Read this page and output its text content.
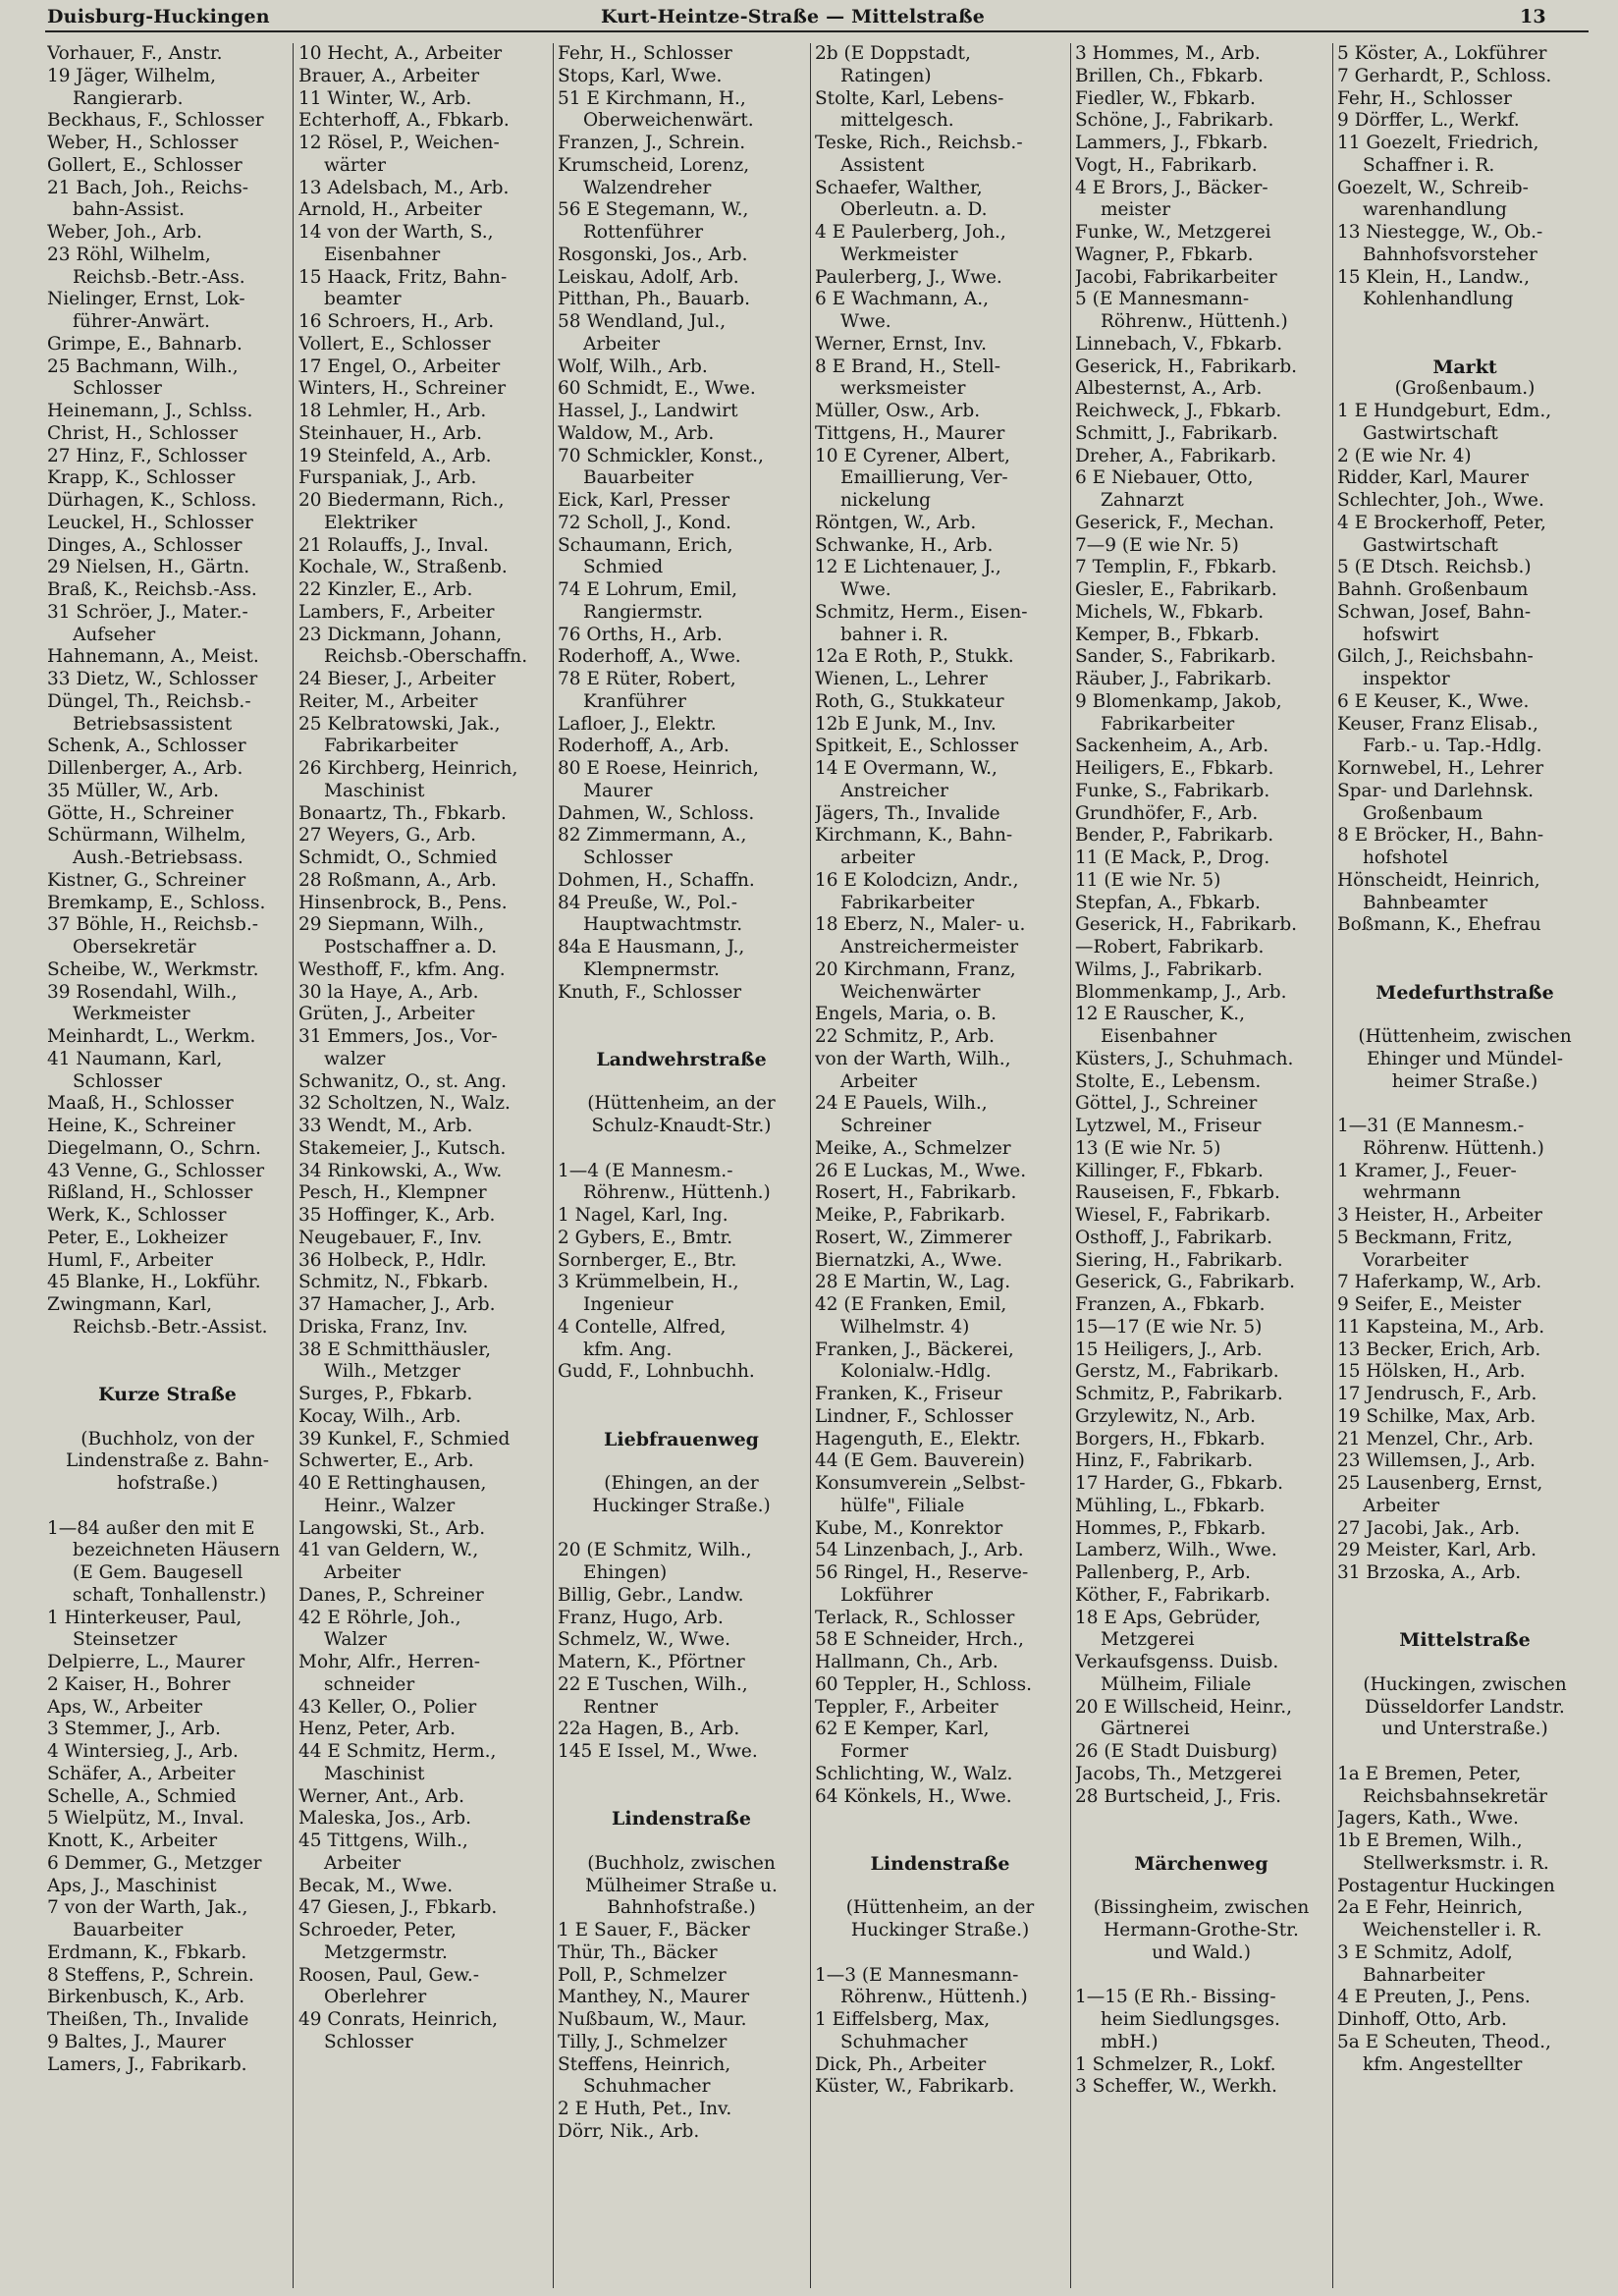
Duisburg-Huckingen	Kurt-Heintze-Straße — Mittelstraße	13
Vorhauer, F., Anstr.
19 Jäger, Wilhelm,
Rangierarb.
Beckhaus, F., Schlosser
Weber, H., Schlosser
Gollert, E., Schlosser
21 Bach, Joh., Reichs-
bahn-Assist.
Weber, Joh., Arb.
23 Röhl, Wilhelm,
Reichsb.-Betr.-Ass.
Nielinger, Ernst, Lok-
führer-Anwärt.
Grimpe, E., Bahnarb.
25 Bachmann, Wilh.,
Schlosser
Heinemann, J., Schlss.
Christ, H., Schlosser
27 Hinz, F., Schlosser
Krapp, K., Schlosser
Dürhagen, K., Schloss.
Leuckel, H., Schlosser
Dinges, A., Schlosser
29 Nielsen, H., Gärtn.
Braß, K., Reichsb.-Ass.
31 Schröer, J., Mater.-
Aufseher
Hahnemann, A., Meist.
33 Dietz, W., Schlosser
Düngel, Th., Reichsb.-
Betriebsassistent
Schenk, A., Schlosser
Dillenberger, A., Arb.
35 Müller, W., Arb.
Götte, H., Schreiner
Schürmann, Wilhelm,
Aush.-Betriebsass.
Kistner, G., Schreiner
Bremkamp, E., Schloss.
37 Böhle, H., Reichsb.-
Obersekretär
Scheibe, W., Werkmstr.
39 Rosendahl, Wilh.,
Werkmeister
Meinhardt, L., Werkm.
41 Naumann, Karl,
Schlosser
Maaß, H., Schlosser
Heine, K., Schreiner
Diegelmann, O., Schrn.
43 Venne, G., Schlosser
Rißland, H., Schlosser
Werk, K., Schlosser
Peter, E., Lokheizer
Huml, F., Arbeiter
45 Blanke, H., Lokführ.
Zwingmann, Karl,
Reichsb.-Betr.-Assist.
Kurze Straße
(Buchholz, von der
Lindenstraße z. Bahn-
hofstraße.)
1—84 außer den mit E
bezeichneten Häusern
(E Gem. Baugesell
schaft, Tonhallenstr.)
1 Hinterkeuser, Paul,
Steinsetzer
Delpierre, L., Maurer
2 Kaiser, H., Bohrer
Aps, W., Arbeiter
3 Stemmer, J., Arb.
4 Wintersieg, J., Arb.
Schäfer, A., Arbeiter
Schelle, A., Schmied
5 Wielpütz, M., Inval.
Knott, K., Arbeiter
6 Demmer, G., Metzger
Aps, J., Maschinist
7 von der Warth, Jak.,
Bauarbeiter
Erdmann, K., Fbkarb.
8 Steffens, P., Schrein.
Birkenbusch, K., Arb.
Theißen, Th., Invalide
9 Baltes, J., Maurer
Lamers, J., Fabrikarb.
10 Hecht, A., Arbeiter
Brauer, A., Arbeiter
11 Winter, W., Arb.
Echterhoff, A., Fbkarb.
12 Rösel, P., Weichen-
wärter
13 Adelsbach, M., Arb.
Arnold, H., Arbeiter
14 von der Warth, S.,
Eisenbahner
15 Haack, Fritz, Bahn-
beamter
16 Schroers, H., Arb.
Vollert, E., Schlosser
17 Engel, O., Arbeiter
Winters, H., Schreiner
18 Lehmler, H., Arb.
Steinhauer, H., Arb.
19 Steinfeld, A., Arb.
Furspaniak, J., Arb.
20 Biedermann, Rich.,
Elektriker
21 Rolauffs, J., Inval.
Kochale, W., Straßenb.
22 Kinzler, E., Arb.
Lambers, F., Arbeiter
23 Dickmann, Johann,
Reichsb.-Oberschaffn.
24 Bieser, J., Arbeiter
Reiter, M., Arbeiter
25 Kelbratowski, Jak.,
Fabrikarbeiter
26 Kirchberg, Heinrich,
Maschinist
Bonaartz, Th., Fbkarb.
27 Weyers, G., Arb.
Schmidt, O., Schmied
28 Roßmann, A., Arb.
Hinsenbrock, B., Pens.
29 Siepmann, Wilh.,
Postschaffner a. D.
Westhoff, F., kfm. Ang.
30 la Haye, A., Arb.
Grüten, J., Arbeiter
31 Emmers, Jos., Vor-
walzer
Schwanitz, O., st. Ang.
32 Scholtzen, N., Walz.
33 Wendt, M., Arb.
Stakemeier, J., Kutsch.
34 Rinkowski, A., Ww.
Pesch, H., Klempner
35 Hoffinger, K., Arb.
Neugebauer, F., Inv.
36 Holbeck, P., Hdlr.
Schmitz, N., Fbkarb.
37 Hamacher, J., Arb.
Driska, Franz, Inv.
38 E Schmitthäusler,
Wilh., Metzger
Surges, P., Fbkarb.
Kocay, Wilh., Arb.
39 Kunkel, F., Schmied
Schwerter, E., Arb.
40 E Rettinghausen,
Heinr., Walzer
Langowski, St., Arb.
41 van Geldern, W.,
Arbeiter
Danes, P., Schreiner
42 E Röhrle, Joh.,
Walzer
Mohr, Alfr., Herren-
schneider
43 Keller, O., Polier
Henz, Peter, Arb.
44 E Schmitz, Herm.,
Maschinist
Werner, Ant., Arb.
Maleska, Jos., Arb.
45 Tittgens, Wilh.,
Arbeiter
Becak, M., Wwe.
47 Giesen, J., Fbkarb.
Schroeder, Peter,
Metzgermstr.
Roosen, Paul, Gew.-
Oberlehrer
49 Conrats, Heinrich,
Schlosser
Fehr, H., Schlosser
Stops, Karl, Wwe.
51 E Kirchmann, H.,
Oberweichenwärt.
Franzen, J., Schrein.
Krumscheid, Lorenz,
Walzendreher
56 E Stegemann, W.,
Rottenführer
Rosgonski, Jos., Arb.
Leiskau, Adolf, Arb.
Pitthan, Ph., Bauarb.
58 Wendland, Jul.,
Arbeiter
Wolf, Wilh., Arb.
60 Schmidt, E., Wwe.
Hassel, J., Landwirt
Waldow, M., Arb.
70 Schmickler, Konst.,
Bauarbeiter
Eick, Karl, Presser
72 Scholl, J., Kond.
Schaumann, Erich,
Schmied
74 E Lohrum, Emil,
Rangiermstr.
76 Orths, H., Arb.
Roderhoff, A., Wwe.
78 E Rüter, Robert,
Kranführer
Lafloer, J., Elektr.
Roderhoff, A., Arb.
80 E Roese, Heinrich,
Maurer
Dahmen, W., Schloss.
82 Zimmermann, A.,
Schlosser
Dohmen, H., Schaffn.
84 Preuße, W., Pol.-
Hauptwachtmstr.
84a E Hausmann, J.,
Klempnermstr.
Knuth, F., Schlosser
Landwehrstraße
(Hüttenheim, an der
Schulz-Knaudt-Str.)
1—4 (E Mannesm.-
Röhrenw., Hüttenh.)
1 Nagel, Karl, Ing.
2 Gybers, E., Bmtr.
Sornberger, E., Btr.
3 Krümmelbein, H.,
Ingenieur
4 Contelle, Alfred,
kfm. Ang.
Gudd, F., Lohnbuchh.
Liebfrauenweg
(Ehingen, an der
Huckinger Straße.)
20 (E Schmitz, Wilh.,
Ehingen)
Billig, Gebr., Landw.
Franz, Hugo, Arb.
Schmelz, W., Wwe.
Matern, K., Pförtner
22 E Tuschen, Wilh.,
Rentner
22a Hagen, B., Arb.
145 E Issel, M., Wwe.
Lindenstraße
(Buchholz, zwischen
Mülheimer Straße u.
Bahnhofstraße.)
1 E Sauer, F., Bäcker
Thür, Th., Bäcker
Poll, P., Schmelzer
Manthey, N., Maurer
Nußbaum, W., Maur.
Tilly, J., Schmelzer
Steffens, Heinrich,
Schuhmacher
2 E Huth, Pet., Inv.
Dörr, Nik., Arb.
2b (E Doppstadt,
Ratingen)
Stolte, Karl, Lebens-
mittelgesch.
Teske, Rich., Reichsb.-
Assistent
Schaefer, Walther,
Oberleutn. a. D.
4 E Paulerberg, Joh.,
Werkmeister
Paulerberg, J., Wwe.
6 E Wachmann, A.,
Wwe.
Werner, Ernst, Inv.
8 E Brand, H., Stell-
werksmeister
Müller, Osw., Arb.
Tittgens, H., Maurer
10 E Cyrener, Albert,
Emaillierung, Ver-
nickelung
Röntgen, W., Arb.
Schwanke, H., Arb.
12 E Lichtenauer, J.,
Wwe.
Schmitz, Herm., Eisen-
bahner i. R.
12a E Roth, P., Stukk.
Wienen, L., Lehrer
Roth, G., Stukkateur
12b E Junk, M., Inv.
Spitkeit, E., Schlosser
14 E Overmann, W.,
Anstreicher
Jägers, Th., Invalide
Kirchmann, K., Bahn-
arbeiter
16 E Kolodcizn, Andr.,
Fabrikarbeiter
18 Eberz, N., Maler- u.
Anstreichermeister
20 Kirchmann, Franz,
Weichenwärter
Engels, Maria, o. B.
22 Schmitz, P., Arb.
von der Warth, Wilh.,
Arbeiter
24 E Pauels, Wilh.,
Schreiner
Meike, A., Schmelzer
26 E Luckas, M., Wwe.
Rosert, H., Fabrikarb.
Meike, P., Fabrikarb.
Rosert, W., Zimmerer
Biernatzki, A., Wwe.
28 E Martin, W., Lag.
42 (E Franken, Emil,
Wilhelmstr. 4)
Franken, J., Bäckerei,
Kolonialw.-Hdlg.
Franken, K., Friseur
Lindner, F., Schlosser
Hagenguth, E., Elektr.
44 (E Gem. Bauverein)
Konsumverein „Selbst-
hülfe", Filiale
Kube, M., Konrektor
54 Linzenbach, J., Arb.
56 Ringel, H., Reserve-
Lokführer
Terlack, R., Schlosser
58 E Schneider, Hrch.,
Hallmann, Ch., Arb.
60 Teppler, H., Schloss.
Teppler, F., Arbeiter
62 E Kemper, Karl,
Former
Schlichting, W., Walz.
64 Könkels, H., Wwe.
Lindenstraße
(Hüttenheim, an der
Huckinger Straße.)
1—3 (E Mannesmann-
Röhrenw., Hüttenh.)
1 Eiffelsberg, Max,
Schuhmacher
Dick, Ph., Arbeiter
Küster, W., Fabrikarb.
3 Hommes, M., Arb.
Brillen, Ch., Fbkarb.
Fiedler, W., Fbkarb.
Schöne, J., Fabrikarb.
Lammers, J., Fbkarb.
Vogt, H., Fabrikarb.
4 E Brors, J., Bäcker-
meister
Funke, W., Metzgerei
Wagner, P., Fbkarb.
Jacobi, Fabrikarbeiter
5 (E Mannesmann-
Röhrenw., Hüttenh.)
Linnebach, V., Fbkarb.
Geserick, H., Fabrikarb.
Albesternst, A., Arb.
Reichweck, J., Fbkarb.
Schmitt, J., Fabrikarb.
Dreher, A., Fabrikarb.
6 E Niebauer, Otto,
Zahnarzt
Geserick, F., Mechan.
7—9 (E wie Nr. 5)
7 Templin, F., Fbkarb.
Giesler, E., Fabrikarb.
Michels, W., Fbkarb.
Kemper, B., Fbkarb.
Sander, S., Fabrikarb.
Räuber, J., Fabrikarb.
9 Blomenkamp, Jakob,
Fabrikarbeiter
Sackenheim, A., Arb.
Heiligers, E., Fbkarb.
Funke, S., Fabrikarb.
Grundhöfer, F., Arb.
Bender, P., Fabrikarb.
11 (E Mack, P., Drog.
11 (E wie Nr. 5)
Stepfan, A., Fbkarb.
Geserick, H., Fabrikarb.
—Robert, Fabrikarb.
Wilms, J., Fabrikarb.
Blommenkamp, J., Arb.
12 E Rauscher, K.,
Eisenbahner
Küsters, J., Schuhmach.
Stolte, E., Lebensm.
Göttel, J., Schreiner
Lytzwel, M., Friseur
13 (E wie Nr. 5)
Killinger, F., Fbkarb.
Rauseisen, F., Fbkarb.
Wiesel, F., Fabrikarb.
Osthoff, J., Fabrikarb.
Siering, H., Fabrikarb.
Geserick, G., Fabrikarb.
Franzen, A., Fbkarb.
15—17 (E wie Nr. 5)
15 Heiligers, J., Arb.
Gerstz, M., Fabrikarb.
Schmitz, P., Fabrikarb.
Grzylewitz, N., Arb.
Borgers, H., Fbkarb.
Hinz, F., Fabrikarb.
17 Harder, G., Fbkarb.
Mühling, L., Fbkarb.
Hommes, P., Fbkarb.
Lamberz, Wilh., Wwe.
Pallenberg, P., Arb.
Köther, F., Fabrikarb.
18 E Aps, Gebrüder,
Metzgerei
Verkaufsgenss. Duisb.
Mülheim, Filiale
20 E Willscheid, Heinr.,
Gärtnerei
26 (E Stadt Duisburg)
Jacobs, Th., Metzgerei
28 Burtscheid, J., Fris.
Märchenweg
(Bissingheim, zwischen
Hermann-Grothe-Str.
und Wald.)
1—15 (E Rh.- Bissing-
heim Siedlungsges.
mbH.)
1 Schmelzer, R., Lokf.
3 Scheffer, W., Werkh.
5 Köster, A., Lokführer
7 Gerhardt, P., Schloss.
Fehr, H., Schlosser
9 Dörffer, L., Werkf.
11 Goezelt, Friedrich,
Schaffner i. R.
Goezelt, W., Schreib-
warenhandlung
13 Niestegge, W., Ob.-
Bahnhofsvorsteher
15 Klein, H., Landw.,
Kohlenhandlung
Markt
(Großenbaum.)
1 E Hundgeburt, Edm.,
Gastwirtschaft
2 (E wie Nr. 4)
Ridder, Karl, Maurer
Schlechter, Joh., Wwe.
4 E Brockerhoff, Peter,
Gastwirtschaft
5 (E Dtsch. Reichsb.)
Bahnh. Großenbaum
Schwan, Josef, Bahn-
hofswirt
Gilch, J., Reichsbahn-
inspektor
6 E Keuser, K., Wwe.
Keuser, Franz Elisab.,
Farb.- u. Tap.-Hdlg.
Kornwebel, H., Lehrer
Spar- und Darlehnsk.
Großenbaum
8 E Bröcker, H., Bahn-
hofshotel
Hönscheidt, Heinrich,
Bahnbeamter
Boßmann, K., Ehefrau
Medefurthstraße
(Hüttenheim, zwischen
Ehinger und Mündel-
heimer Straße.)
1—31 (E Mannesm.-
Röhrenw. Hüttenh.)
1 Kramer, J., Feuer-
wehrmann
3 Heister, H., Arbeiter
5 Beckmann, Fritz,
Vorarbeiter
7 Haferkamp, W., Arb.
9 Seifer, E., Meister
11 Kapsteina, M., Arb.
13 Becker, Erich, Arb.
15 Hölsken, H., Arb.
17 Jendrusch, F., Arb.
19 Schilke, Max, Arb.
21 Menzel, Chr., Arb.
23 Willemsen, J., Arb.
25 Lausenberg, Ernst,
Arbeiter
27 Jacobi, Jak., Arb.
29 Meister, Karl, Arb.
31 Brzoska, A., Arb.
Mittelstraße
(Huckingen, zwischen
Düsseldorfer Landstr.
und Unterstraße.)
1a E Bremen, Peter,
Reichsbahnsekretär
Jagers, Kath., Wwe.
1b E Bremen, Wilh.,
Stellwerksmstr. i. R.
Postagentur Huckingen
2a E Fehr, Heinrich,
Weichensteller i. R.
3 E Schmitz, Adolf,
Bahnarbeiter
4 E Preuten, J., Pens.
Dinhoff, Otto, Arb.
5a E Scheuten, Theod.,
kfm. Angestellter
